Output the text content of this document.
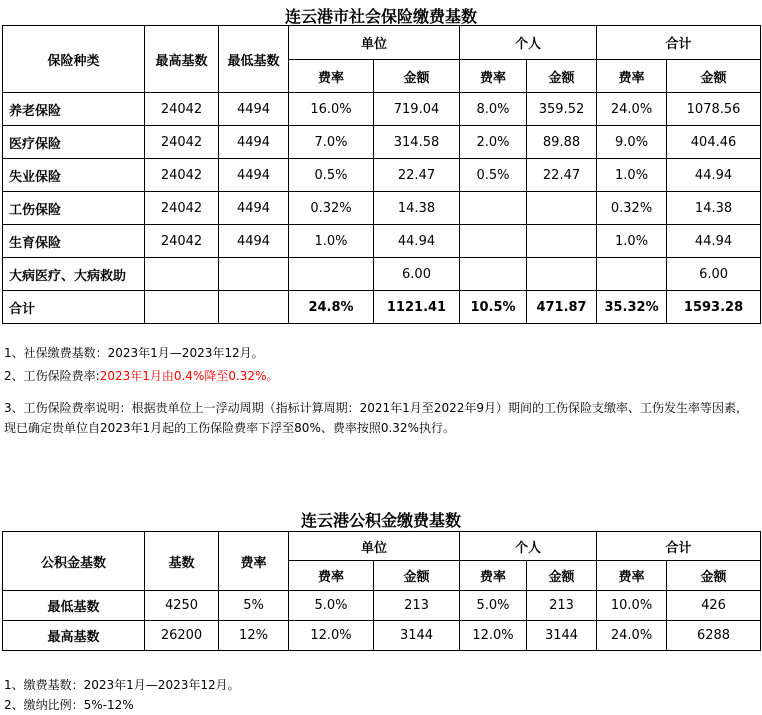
连云港市社会保险缴费基数
保险种类	最高基数	最低基数	单位		个人		合计	
			费率	金额	费率	金额	费率	金额
养老保险	24042	4494	16.0%	719.04	8.0%	359.52	24.0%	1078.56
医疗保险	24042	4494	7.0%	314.58	2.0%	89.88	9.0%	404.46
失业保险	24042	4494	0.5%	22.47	0.5%	22.47	1.0%	44.94
工伤保险	24042	4494	0.32%	14.38			0.32%	14.38
生育保险	24042	4494	1.0%	44.94			1.0%	44.94
大病医疗、大病救助				6.00				6.00
合计			24.8%	1121.41	10.5%	471.87	35.32%	1593.28
1、社保缴费基数：2023年1月—2023年12月。
2、工伤保险费率:2023年1月由0.4%降至0.32%。
3、工伤保险费率说明：根据贵单位上一浮动周期（指标计算周期：2021年1月至2022年9月）期间的工伤保险支缴率、工伤发生率等因素，现已确定贵单位自2023年1月起的工伤保险费率下浮至80%、费率按照0.32%执行。
连云港公积金缴费基数
公积金基数	基数	费率	单位		个人		合计	
			费率	金额	费率	金额	费率	金额
最低基数	4250	5%	5.0%	213	5.0%	213	10.0%	426
最高基数	26200	12%	12.0%	3144	12.0%	3144	24.0%	6288
1、缴费基数：2023年1月—2023年12月。
2、缴纳比例：5%-12%
